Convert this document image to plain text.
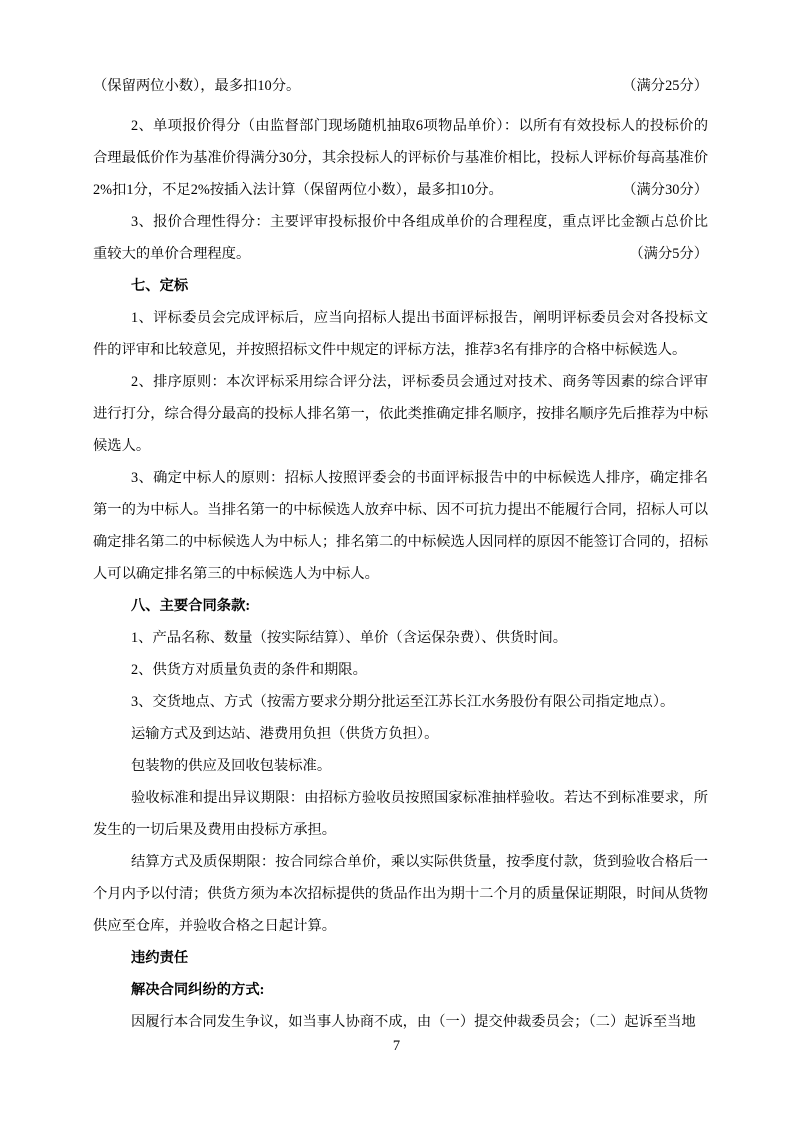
（保留两位小数），最多扣10分。	（满分25分）

2、单项报价得分（由监督部门现场随机抽取6项物品单价）：以所有有效投标人的投标价的合理最低价作为基准价得满分30分，其余投标人的评标价与基准价相比，投标人评标价每高基准价2%扣1分，不足2%按插入法计算（保留两位小数），最多扣10分。	（满分30分）

3、报价合理性得分：主要评审投标报价中各组成单价的合理程度，重点评比金额占总价比重较大的单价合理程度。	（满分5分）

七、定标

1、评标委员会完成评标后，应当向招标人提出书面评标报告，阐明评标委员会对各投标文件的评审和比较意见，并按照招标文件中规定的评标方法，推荐3名有排序的合格中标候选人。

2、排序原则：本次评标采用综合评分法，评标委员会通过对技术、商务等因素的综合评审进行打分，综合得分最高的投标人排名第一，依此类推确定排名顺序，按排名顺序先后推荐为中标候选人。

3、确定中标人的原则：招标人按照评委会的书面评标报告中的中标候选人排序，确定排名第一的为中标人。当排名第一的中标候选人放弃中标、因不可抗力提出不能履行合同，招标人可以确定排名第二的中标候选人为中标人；排名第二的中标候选人因同样的原因不能签订合同的，招标人可以确定排名第三的中标候选人为中标人。

八、主要合同条款:

1、产品名称、数量（按实际结算）、单价（含运保杂费）、供货时间。

2、供货方对质量负责的条件和期限。

3、交货地点、方式（按需方要求分期分批运至江苏长江水务股份有限公司指定地点）。

运输方式及到达站、港费用负担（供货方负担）。

包装物的供应及回收包装标准。

验收标准和提出异议期限：由招标方验收员按照国家标准抽样验收。若达不到标准要求，所发生的一切后果及费用由投标方承担。

结算方式及质保期限：按合同综合单价，乘以实际供货量，按季度付款，货到验收合格后一个月内予以付清；供货方须为本次招标提供的货品作出为期十二个月的质量保证期限，时间从货物供应至仓库，并验收合格之日起计算。

违约责任

解决合同纠纷的方式:

因履行本合同发生争议，如当事人协商不成，由（一）提交仲裁委员会；（二）起诉至当地

7
